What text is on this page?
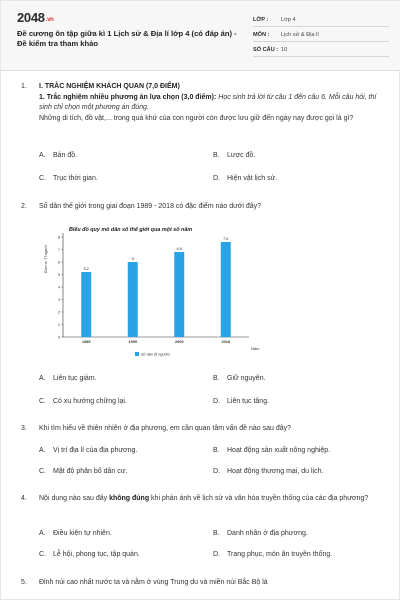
2048.vn
Đề cương ôn tập giữa kì 1 Lịch sử & Địa lí lớp 4 (có đáp án) - Đề kiểm tra tham khảo
LỚP :	Lớp 4
MÔN :	Lịch sử & Địa lí
SỐ CÂU : 10
1. I. TRẮC NGHIỆM KHÁCH QUAN (7,0 ĐIỂM)
1. Trắc nghiệm nhiều phương án lựa chọn (3,0 điểm): Học sinh trả lời từ câu 1 đến câu 6. Mỗi câu hỏi, thí sinh chỉ chọn một phương án đúng.
Những di tích, đồ vật,... trong quá khứ của con người còn được lưu giữ đến ngày nay được gọi là gì?
A. Bản đồ.	B. Lược đồ.
C. Trục thời gian.	D. Hiện vật lịch sử.
2. Số dân thế giới trong giai đoạn 1989 - 2018 có đặc điểm nào dưới đây?
Biểu đồ quy mô dân số thế giới qua một số năm
Đơn vị: Tỉ người
Năm
Số dân (tỉ người)
0
1
2
3
4
5
6
7
8
5.2
1989
6
1999
6.8
2009
7.6
2018
A. Liên tục giảm.	B. Giữ nguyên.
C. Có xu hướng chững lại.	D. Liên tục tăng.
3. Khi tìm hiểu về thiên nhiên ở địa phương, em cần quan tâm vấn đề nào sau đây?
A. Vị trí địa lí của địa phương.	B. Hoạt động sản xuất nông nghiệp.
C. Mật độ phân bố dân cư.	D. Hoạt động thương mại, du lịch.
4. Nội dung nào sau đây không đúng khi phản ánh về lịch sử và văn hóa truyền thống của các địa phương?
A. Điều kiện tự nhiên.	B. Danh nhân ở địa phương.
C. Lễ hội, phong tục, tập quán.	D. Trang phục, món ăn truyền thống.
5. Đỉnh núi cao nhất nước ta và nằm ở vùng Trung du và miền núi Bắc Bộ là
